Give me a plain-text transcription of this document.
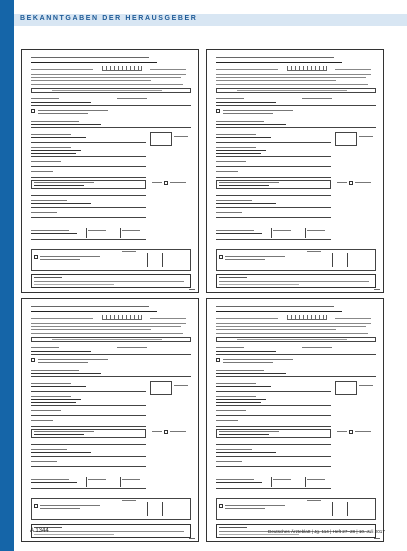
BEKANNTGABEN DER HERAUSGEBER
A 1344	Deutsches Ärzteblatt | Jg. 114 | Heft 27–28 | 10. Juli 2017
